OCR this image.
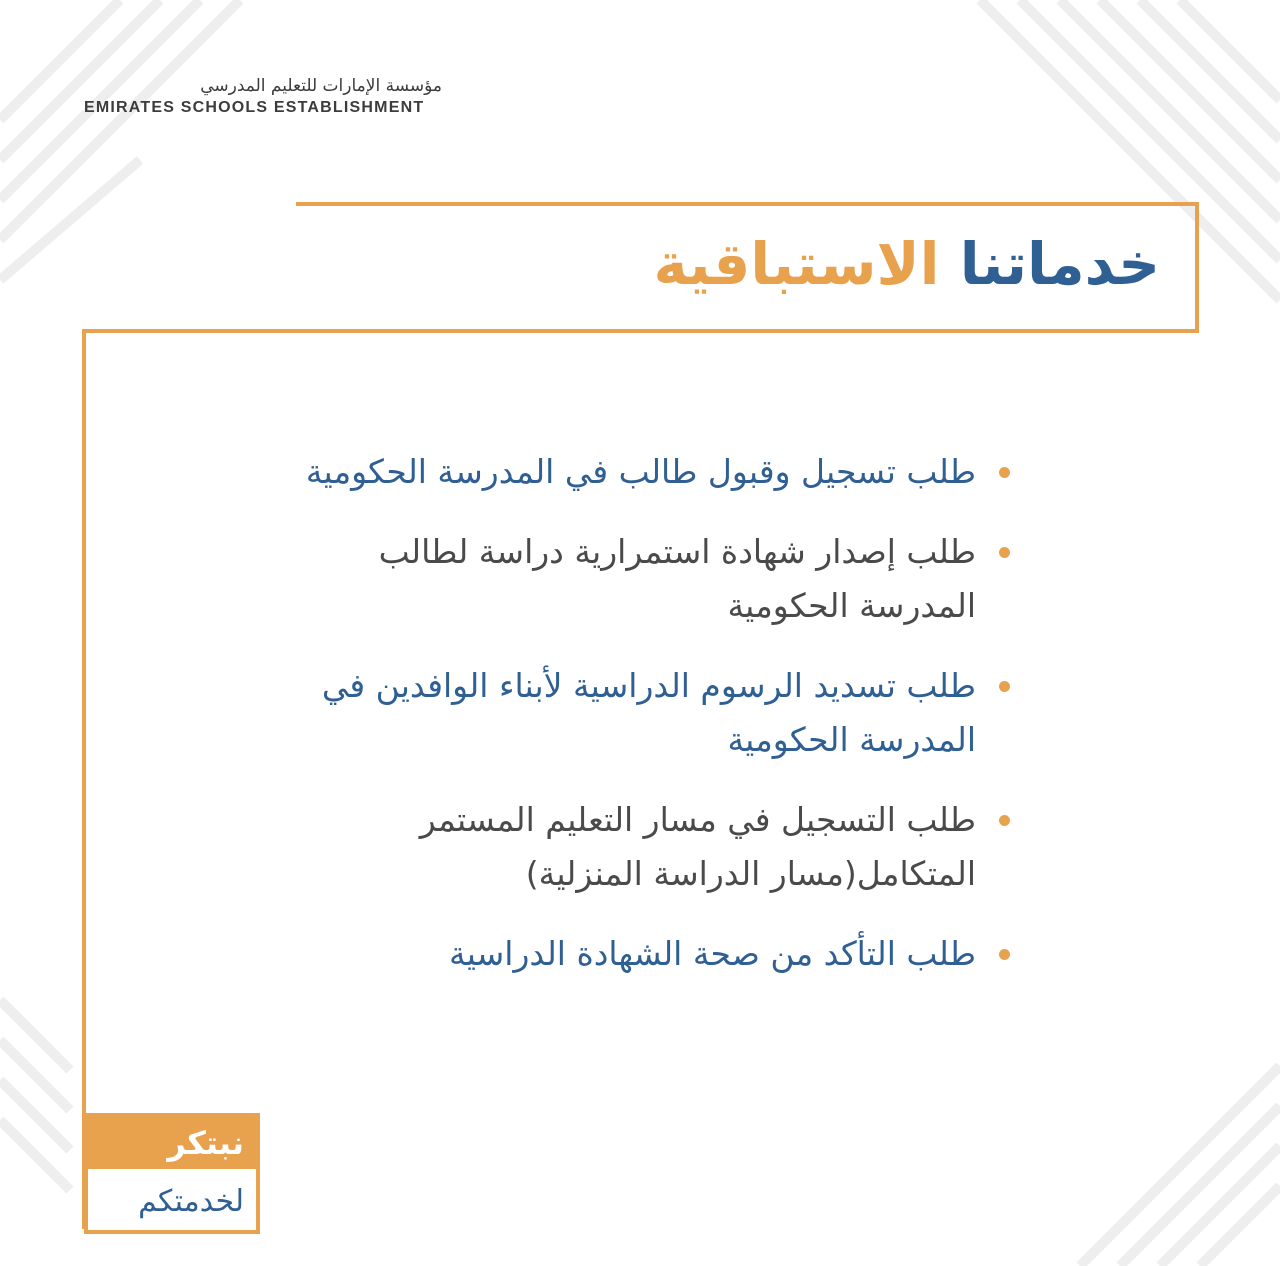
مؤسسة الإمارات للتعليم المدرسي
EMIRATES SCHOOLS ESTABLISHMENT
خدماتنا الاستباقية
طلب تسجيل وقبول طالب في المدرسة الحكومية
طلب إصدار شهادة استمرارية دراسة لطالب المدرسة الحكومية
طلب تسديد الرسوم الدراسية لأبناء الوافدين في المدرسة الحكومية
طلب التسجيل في مسار التعليم المستمر المتكامل(مسار الدراسة المنزلية)
طلب التأكد من صحة الشهادة الدراسية
نبتكر
لخدمتكم
